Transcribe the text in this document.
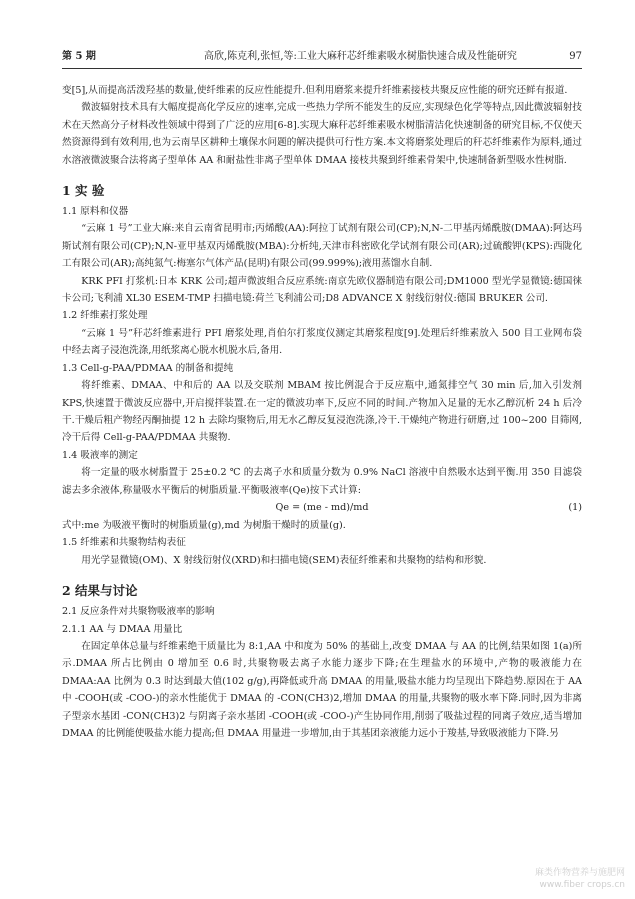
第 5 期	高欣,陈克利,张恒,等:工业大麻秆芯纤维素吸水树脂快速合成及性能研究	97

变[5],从而提高活泼羟基的数量,使纤维素的反应性能提升.但利用磨浆来提升纤维素接枝共聚反应性能的研究还鲜有报道.

微波辐射技术具有大幅度提高化学反应的速率,完成一些热力学所不能发生的反应,实现绿色化学等特点,因此微波辐射技术在天然高分子材料改性领域中得到了广泛的应用[6-8].实现大麻秆芯纤维素吸水树脂清洁化快速制备的研究目标,不仅使天然资源得到有效利用,也为云南旱区耕种土壤保水问题的解决提供可行性方案.本文将磨浆处理后的秆芯纤维素作为原料,通过水溶液微波聚合法将离子型单体 AA 和耐盐性非离子型单体 DMAA 接枝共聚到纤维素骨架中,快速制备新型吸水性树脂.

1 实 验
1.1 原料和仪器

“云麻 1 号”工业大麻:来自云南省昆明市;丙烯酸(AA):阿拉丁试剂有限公司(CP);N,N-二甲基丙烯酰胺(DMAA):阿达玛斯试剂有限公司(CP);N,N-亚甲基双丙烯酰胺(MBA):分析纯,天津市科密欧化学试剂有限公司(AR);过硫酸钾(KPS):西陇化工有限公司(AR);高纯氮气:梅塞尔气体产品(昆明)有限公司(99.999%);液用蒸馏水自制.

KRK PFI 打浆机:日本 KRK 公司;超声微波组合反应系统:南京先欧仪器制造有限公司;DM1000 型光学显微镜:德国徕卡公司;飞利浦 XL30 ESEM-TMP 扫描电镜:荷兰飞利浦公司;D8 ADVANCE X 射线衍射仪:德国 BRUKER 公司.

1.2 纤维素打浆处理

“云麻 1 号”秆芯纤维素进行 PFI 磨浆处理,肖伯尔打浆度仪测定其磨浆程度[9].处理后纤维素放入 500 目工业网布袋中经去离子浸泡洗涤,用纸浆离心脱水机脱水后,备用.

1.3 Cell-g-PAA/PDMAA 的制备和提纯

将纤维素、DMAA、中和后的 AA 以及交联剂 MBAM 按比例混合于反应瓶中,通氮排空气 30 min 后,加入引发剂 KPS,快速置于微波反应器中,开启搅拌装置.在一定的微波功率下,反应不同的时间.产物加入足量的无水乙醇沉析 24 h 后冷干.干燥后粗产物经丙酮抽提 12 h 去除均聚物后,用无水乙醇反复浸泡洗涤,冷干.干燥纯产物进行研磨,过 100~200 目筛网,冷干后得 Cell-g-PAA/PDMAA 共聚物.

1.4 吸液率的测定

将一定量的吸水树脂置于 25±0.2 ℃ 的去离子水和质量分数为 0.9% NaCl 溶液中自然吸水达到平衡.用 350 目滤袋滤去多余液体,称量吸水平衡后的树脂质量.平衡吸液率(Qe)按下式计算:

Qe = (me - md)/md	(1)

式中:me 为吸液平衡时的树脂质量(g),md 为树脂干燥时的质量(g).

1.5 纤维素和共聚物结构表征

用光学显微镜(OM)、X 射线衍射仪(XRD)和扫描电镜(SEM)表征纤维素和共聚物的结构和形貌.

2 结果与讨论
2.1 反应条件对共聚物吸液率的影响
2.1.1 AA 与 DMAA 用量比

在固定单体总量与纤维素绝干质量比为 8:1,AA 中和度为 50% 的基础上,改变 DMAA 与 AA 的比例,结果如图 1(a)所示.DMAA 所占比例由 0 增加至 0.6 时,共聚物吸去离子水能力逐步下降;在生理盐水的环境中,产物的吸液能力在 DMAA:AA 比例为 0.3 时达到最大值(102 g/g),再降低或升高 DMAA 的用量,吸盐水能力均呈现出下降趋势.原因在于 AA 中 -COOH(或 -COO-)的亲水性能优于 DMAA 的 -CON(CH3)2,增加 DMAA 的用量,共聚物的吸水率下降.同时,因为非离子型亲水基团 -CON(CH3)2 与阴离子亲水基团 -COOH(或 -COO-)产生协同作用,削弱了吸盐过程的同离子效应,适当增加 DMAA 的比例能使吸盐水能力提高;但 DMAA 用量进一步增加,由于其基团亲液能力远小于羧基,导致吸液能力下降.另

麻类作物营养与施肥网
www.fiber crops.cn
